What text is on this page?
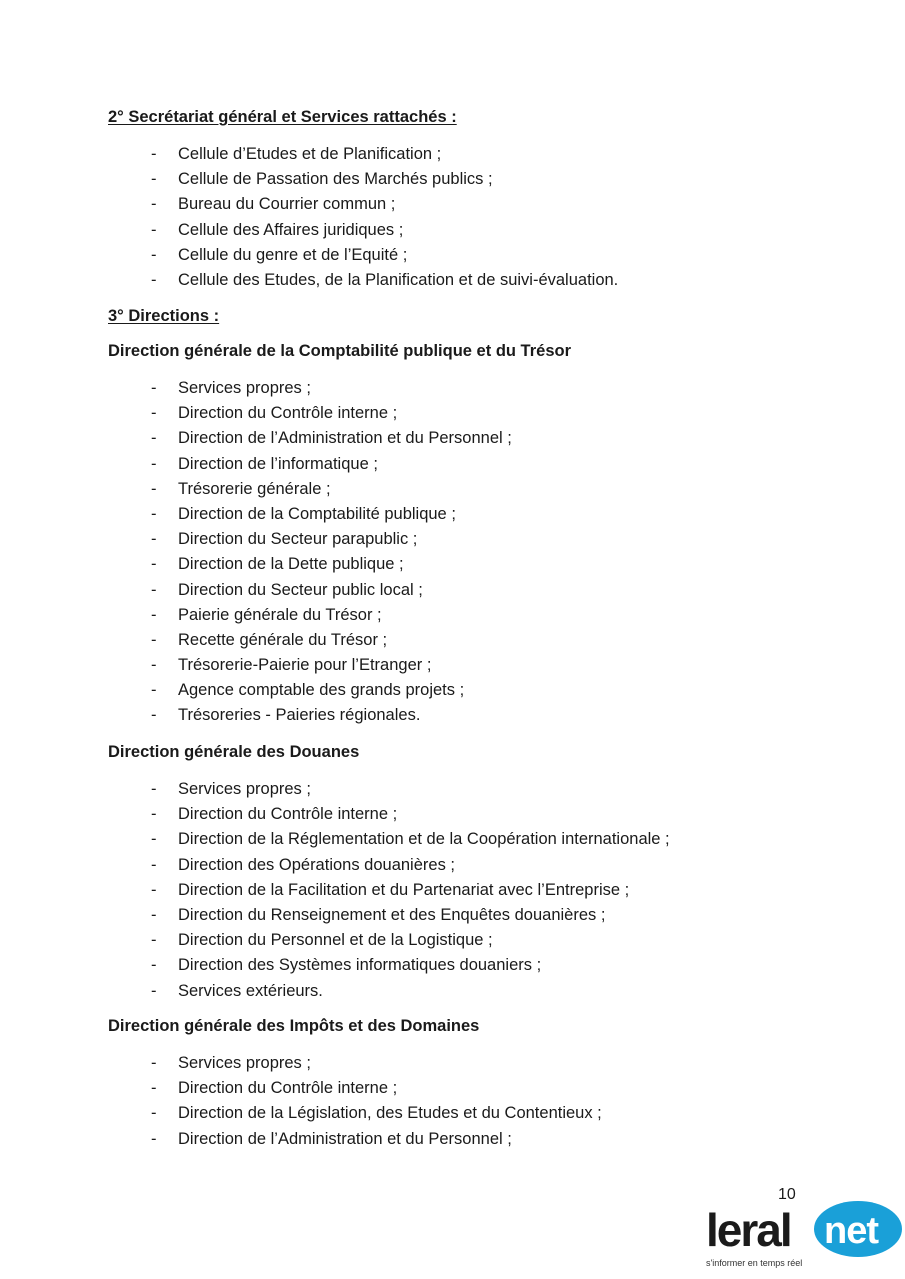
2° Secrétariat général et Services rattachés :

- Cellule d’Etudes et de Planification ;
- Cellule de Passation des Marchés publics ;
- Bureau du Courrier commun ;
- Cellule des Affaires juridiques ;
- Cellule du genre et de l’Equité ;
- Cellule des Etudes, de la Planification et de suivi-évaluation.

3° Directions :

Direction générale de la Comptabilité publique et du Trésor

- Services propres ;
- Direction du Contrôle interne ;
- Direction de l’Administration et du Personnel ;
- Direction de l’informatique ;
- Trésorerie générale ;
- Direction de la Comptabilité publique ;
- Direction du Secteur parapublic ;
- Direction de la Dette publique ;
- Direction du Secteur public local ;
- Paierie générale du Trésor ;
- Recette générale du Trésor ;
- Trésorerie-Paierie pour l’Etranger ;
- Agence comptable des grands projets ;
- Trésoreries - Paieries régionales.

Direction générale des Douanes

- Services propres ;
- Direction du Contrôle interne ;
- Direction de la Réglementation et de la Coopération internationale ;
- Direction des Opérations douanières ;
- Direction de la Facilitation et du Partenariat avec l’Entreprise ;
- Direction du Renseignement et des Enquêtes douanières ;
- Direction du Personnel et de la Logistique ;
- Direction des Systèmes informatiques douaniers ;
- Services extérieurs.

Direction générale des Impôts et des Domaines

- Services propres ;
- Direction du Contrôle interne ;
- Direction de la Législation, des Etudes et du Contentieux ;
- Direction de l’Administration et du Personnel ;
10
leral net
s'informer en temps réel
